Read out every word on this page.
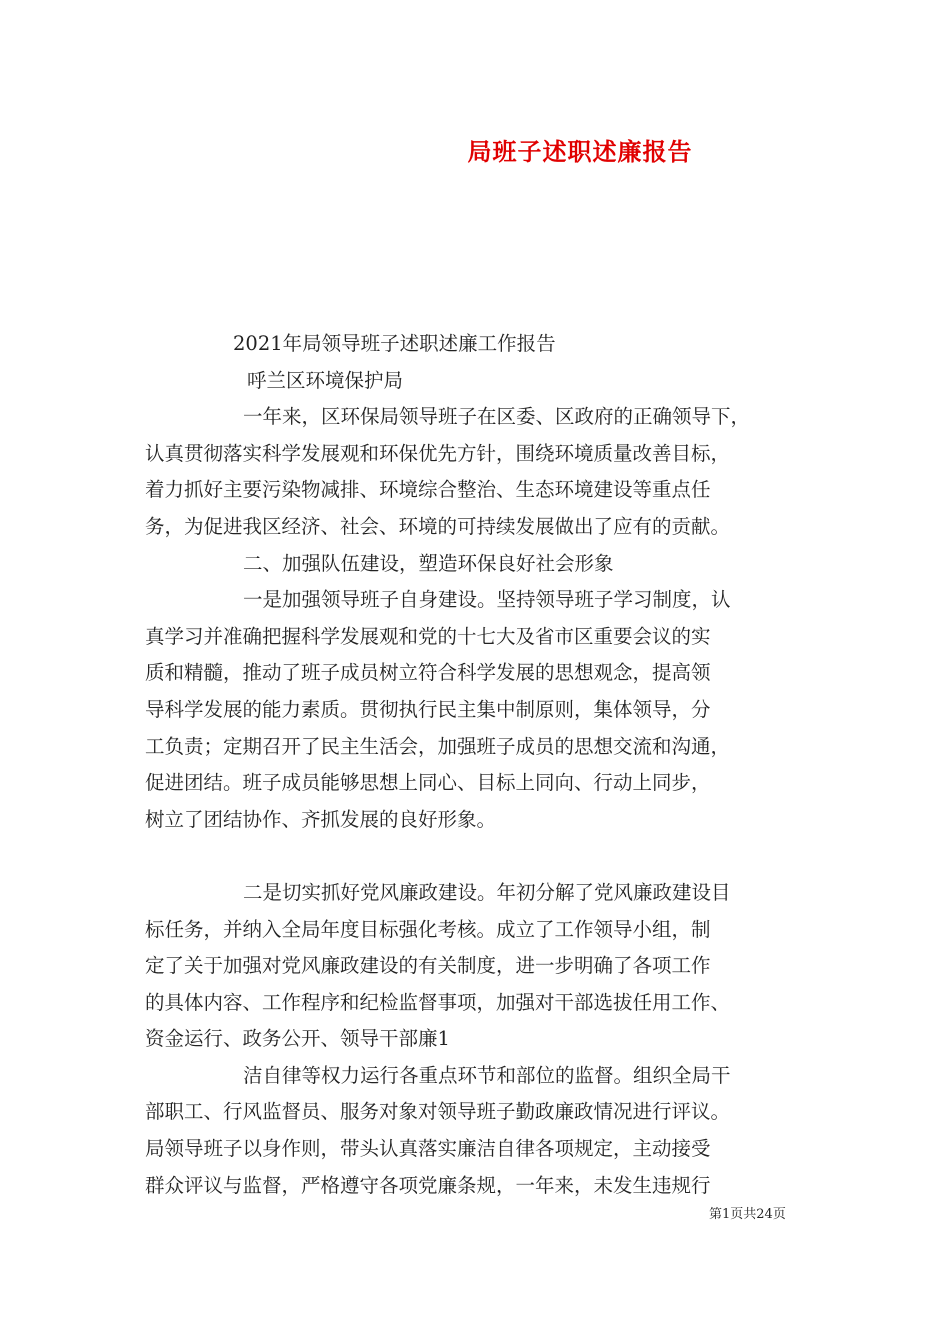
局班子述职述廉报告
2021年局领导班子述职述廉工作报告
呼兰区环境保护局
一年来，区环保局领导班子在区委、区政府的正确领导下，
认真贯彻落实科学发展观和环保优先方针，围绕环境质量改善目标，
着力抓好主要污染物减排、环境综合整治、生态环境建设等重点任
务，为促进我区经济、社会、环境的可持续发展做出了应有的贡献。
二、加强队伍建设，塑造环保良好社会形象
一是加强领导班子自身建设。坚持领导班子学习制度，认
真学习并准确把握科学发展观和党的十七大及省市区重要会议的实
质和精髓，推动了班子成员树立符合科学发展的思想观念，提高领
导科学发展的能力素质。贯彻执行民主集中制原则，集体领导，分
工负责；定期召开了民主生活会，加强班子成员的思想交流和沟通，
促进团结。班子成员能够思想上同心、目标上同向、行动上同步，
树立了团结协作、齐抓发展的良好形象。
二是切实抓好党风廉政建设。年初分解了党风廉政建设目
标任务，并纳入全局年度目标强化考核。成立了工作领导小组，制
定了关于加强对党风廉政建设的有关制度，进一步明确了各项工作
的具体内容、工作程序和纪检监督事项，加强对干部选拔任用工作、
资金运行、政务公开、领导干部廉1
洁自律等权力运行各重点环节和部位的监督。组织全局干
部职工、行风监督员、服务对象对领导班子勤政廉政情况进行评议。
局领导班子以身作则，带头认真落实廉洁自律各项规定，主动接受
群众评议与监督，严格遵守各项党廉条规，一年来，未发生违规行
第1页共24页
